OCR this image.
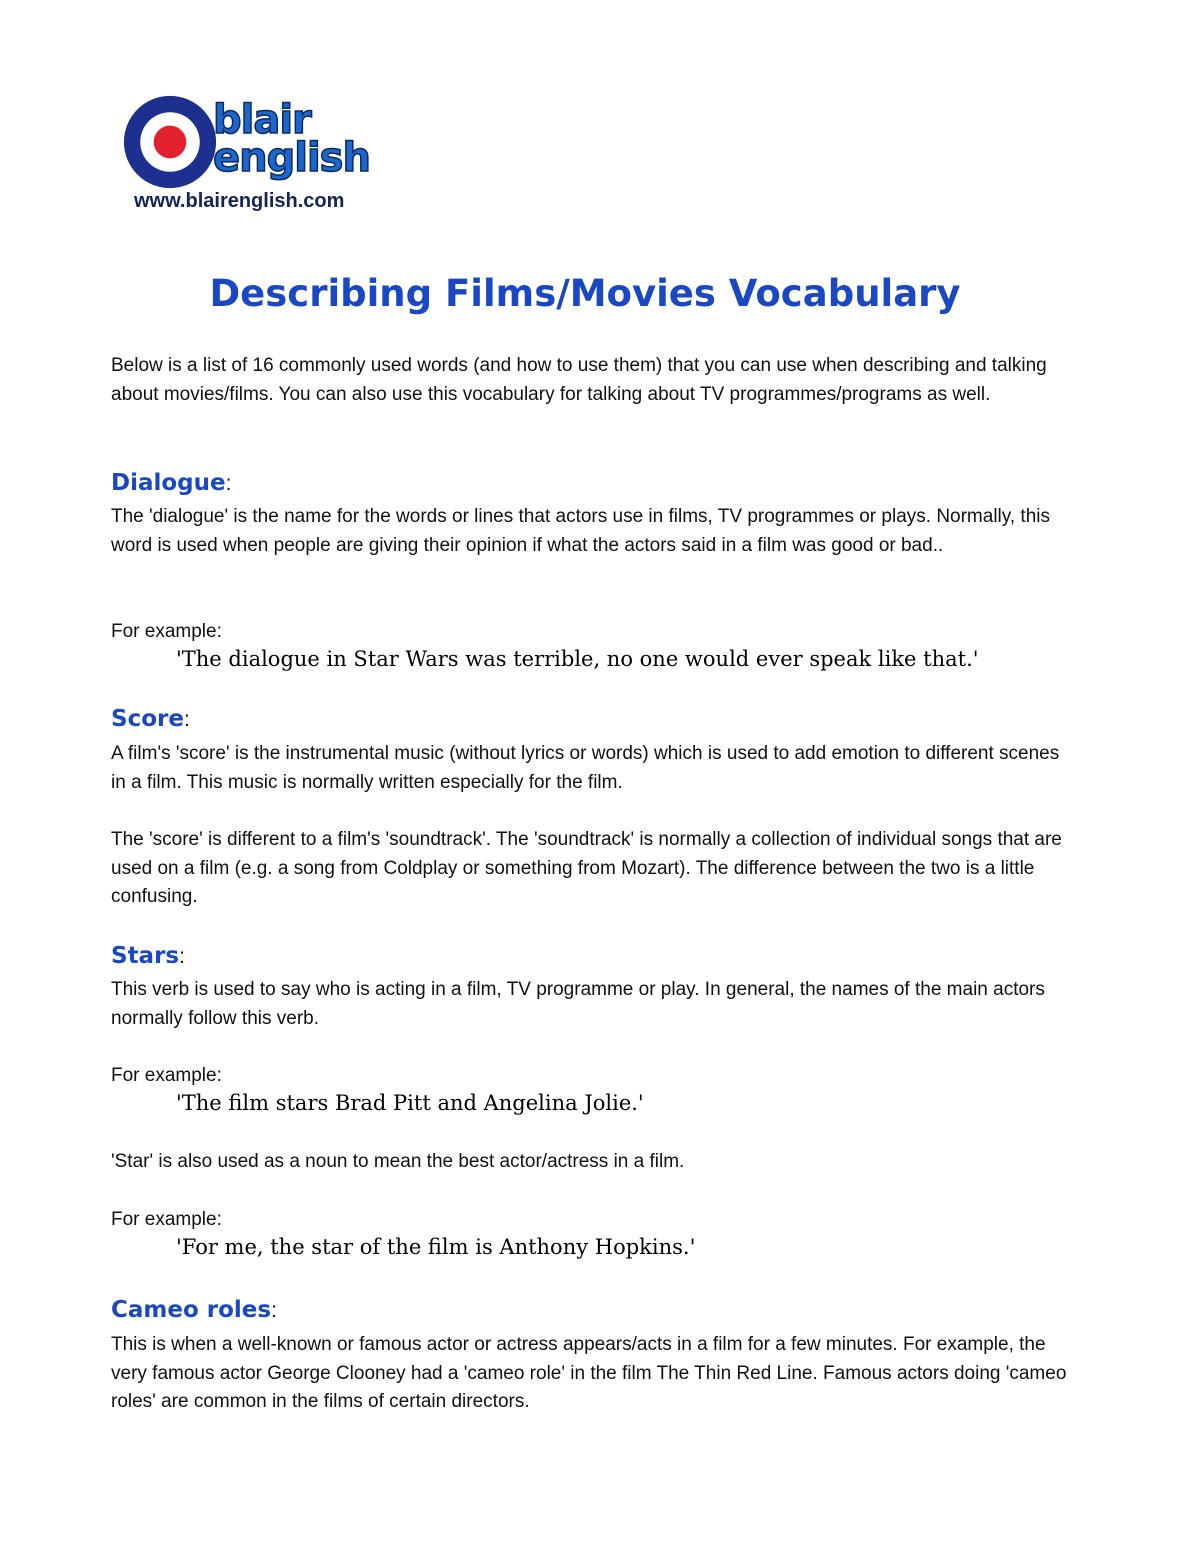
blair
english
www.blairenglish.com
Describing Films/Movies Vocabulary

Below is a list of 16 commonly used words (and how to use them) that you can use when describing and talking about movies/films. You can also use this vocabulary for talking about TV programmes/programs as well.

Dialogue:

The 'dialogue' is the name for the words or lines that actors use in films, TV programmes or plays. Normally, this word is used when people are giving their opinion if what the actors said in a film was good or bad..

For example:

'The dialogue in Star Wars was terrible, no one would ever speak like that.'

Score:

A film's 'score' is the instrumental music (without lyrics or words) which is used to add emotion to different scenes in a film. This music is normally written especially for the film.

The 'score' is different to a film's 'soundtrack'. The 'soundtrack' is normally a collection of individual songs that are used on a film (e.g. a song from Coldplay or something from Mozart). The difference between the two is a little confusing.

Stars:

This verb is used to say who is acting in a film, TV programme or play. In general, the names of the main actors normally follow this verb.

For example:

'The film stars Brad Pitt and Angelina Jolie.'

'Star' is also used as a noun to mean the best actor/actress in a film.

For example:

'For me, the star of the film is Anthony Hopkins.'

Cameo roles:

This is when a well-known or famous actor or actress appears/acts in a film for a few minutes. For example, the very famous actor George Clooney had a 'cameo role' in the film The Thin Red Line. Famous actors doing 'cameo roles' are common in the films of certain directors.
